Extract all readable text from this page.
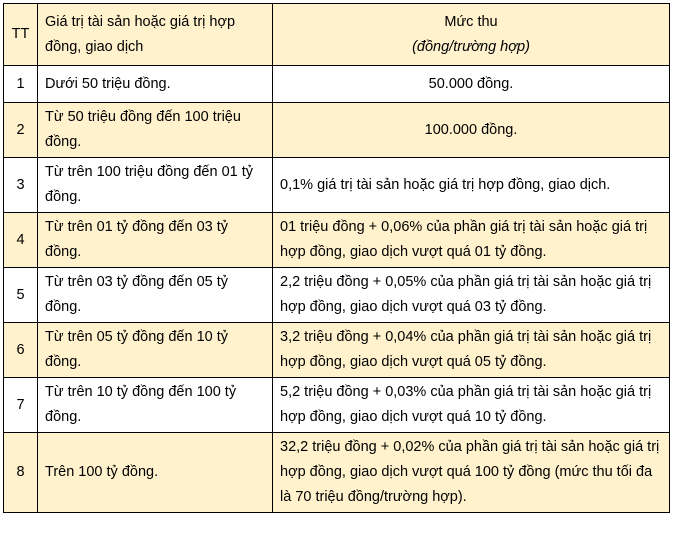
TT	Giá trị tài sản hoặc giá trị hợp đồng, giao dịch	Mức thu
(đồng/trường hợp)

1	Dưới 50 triệu đồng.	50.000 đồng.
2	Từ 50 triệu đồng đến 100 triệu đồng.	100.000 đồng.
3	Từ trên 100 triệu đồng đến 01 tỷ đồng.	0,1% giá trị tài sản hoặc giá trị hợp đồng, giao dịch.
4	Từ trên 01 tỷ đồng đến 03 tỷ đồng.	01 triệu đồng + 0,06% của phần giá trị tài sản hoặc giá trị hợp đồng, giao dịch vượt quá 01 tỷ đồng.
5	Từ trên 03 tỷ đồng đến 05 tỷ đồng.	2,2 triệu đồng + 0,05% của phần giá trị tài sản hoặc giá trị hợp đồng, giao dịch vượt quá 03 tỷ đồng.
6	Từ trên 05 tỷ đồng đến 10 tỷ đồng.	3,2 triệu đồng + 0,04% của phần giá trị tài sản hoặc giá trị hợp đồng, giao dịch vượt quá 05 tỷ đồng.
7	Từ trên 10 tỷ đồng đến 100 tỷ đồng.	5,2 triệu đồng + 0,03% của phần giá trị tài sản hoặc giá trị hợp đồng, giao dịch vượt quá 10 tỷ đồng.
8	Trên 100 tỷ đồng.	32,2 triệu đồng + 0,02% của phần giá trị tài sản hoặc giá trị hợp đồng, giao dịch vượt quá 100 tỷ đồng (mức thu tối đa là 70 triệu đồng/trường hợp).
